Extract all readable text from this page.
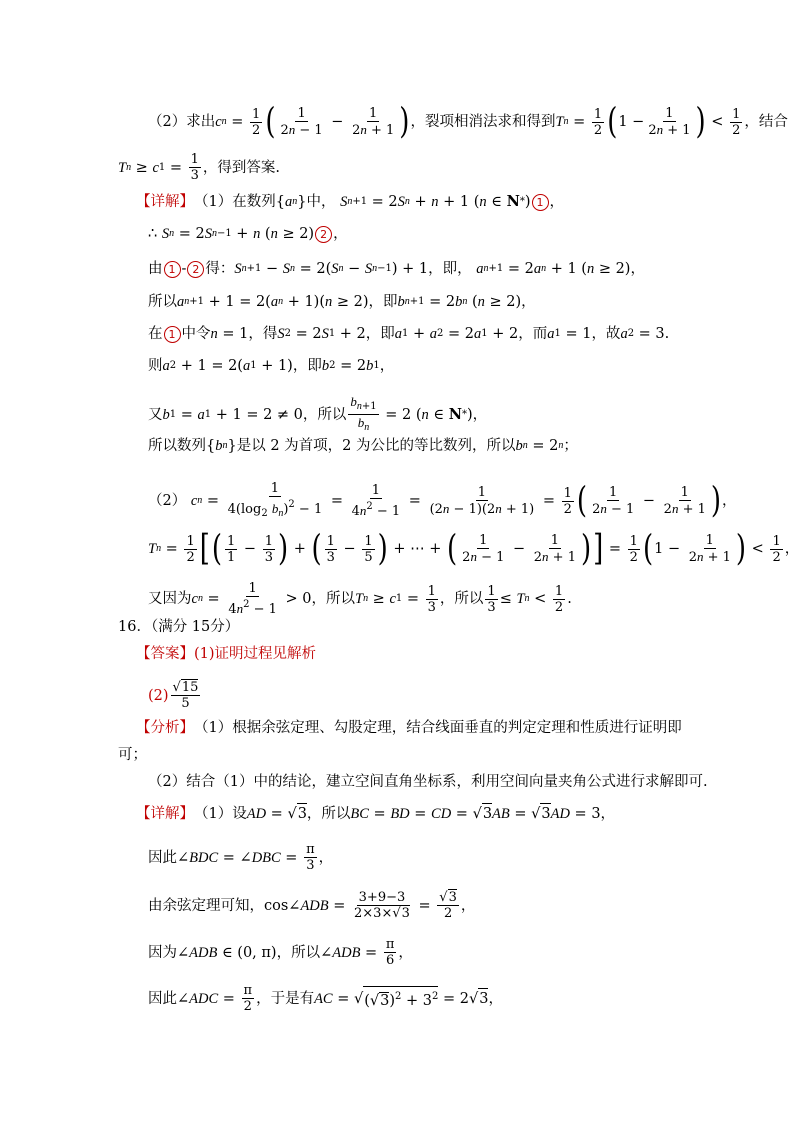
（2）求出 c $n = \frac{1}{2}$ ( $\frac{1}{2n - 1} - \frac{1}{2n + 1}$ ) ，裂项相消法求和得到 T $n = \frac{1}{2}$ ( $1 - \frac{1}{2n + 1}$ ) < $\frac{1}{2}$ ，结合
T n ≥ c $1 = \frac{1}{3}$ ，得到答案.
【详解】 （1）在数列 { a n } 中，
S n+1 = 2 S n + n + 1 ( n ∈ N * ) 1 ，
∴ S n = 2 S n−1 + n ( n ≥ 2) 2 ，
由 1 - 2 得： S n+1 − S n = 2( S n − S n−1 ) + 1 ，即，
a n+1 = 2 a n + 1 ( n ≥ 2)，
所以 a n+1 + 1 = 2( a n + 1)( n ≥ 2) ，即 b n+1 = 2 b n ( n ≥ 2)，
在 1 中令 n = 1 ，得 S 2 = 2 S 1 + 2 ，即 a 1 + a 2 = 2 a 1 + 2 ，而 a 1 = 1 ，故 a 2 = 3.
则 a 2 + 1 = 2( a 1 + 1) ，即 b 2 = 2 b 1 ，
又 b 1 = a 1 + 1 = 2 ≠ 0 ，所以 $\frac{b_{n+1}}{b_n} = 2$ ( n ∈ N * )，
所以数列 { b n } 是以 2 为首项，2 为公比的等比数列，所以 b n = 2 n ；
（2）
c $n = \frac{1}{4(\log_2 b_n)^2 - 1} = \frac{1}{4n^2 - 1} = \frac{1}{(2n - 1)(2n + 1)} = \frac{1}{2}$ ( $\frac{1}{2n - 1} - \frac{1}{2n + 1}$ ) ，
T $n = \frac{1}{2}$ [ ( $\frac{1}{1} - \frac{1}{3}$ ) + ( $\frac{1}{3} - \frac{1}{5}$ ) + ⋯ + ( $\frac{1}{2n - 1} - \frac{1}{2n + 1}$ ) ] = $\frac{1}{2}$ ( $1 - \frac{1}{2n + 1}$ ) < $\frac{1}{2}$ ，
又因为 c $n = \frac{1}{4n^2 - 1} > 0$ ，所以 T n ≥ c $1 = \frac{1}{3}$ ，所以 $\frac{1}{3} \le T$ $n < \frac{1}{2}$ .
16．（满分 15分）
【答案】 (1)证明过程见解析
$(2) \frac{√15}{5}$
【分析】 （1）根据余弦定理、勾股定理，结合线面垂直的判定定理和性质进行证明即
可；
（2）结合（1）中的结论，建立空间直角坐标系，利用空间向量夹角公式进行求解即可.
【详解】 （1）设 AD = √ 3 ，所以 BC = BD = CD = √ 3 AB = √ 3 AD = 3，
因此 ∠ BDC = ∠ DBC = $\frac{\pi}{3}$ ，
由余弦定理可知， cos∠ ADB = $\frac{3+9-3}{2\times 3\times√3} = \frac{√3}{2}$ ，
因为 ∠ ADB ∈ (0, π) ，所以 ∠ ADB = $\frac{\pi}{6}$ ，
因此 ∠ ADC = $\frac{\pi}{2}$ ，于是有 AC = √ $(√3)^2 + 3^2 = 2√$ 3 ，
